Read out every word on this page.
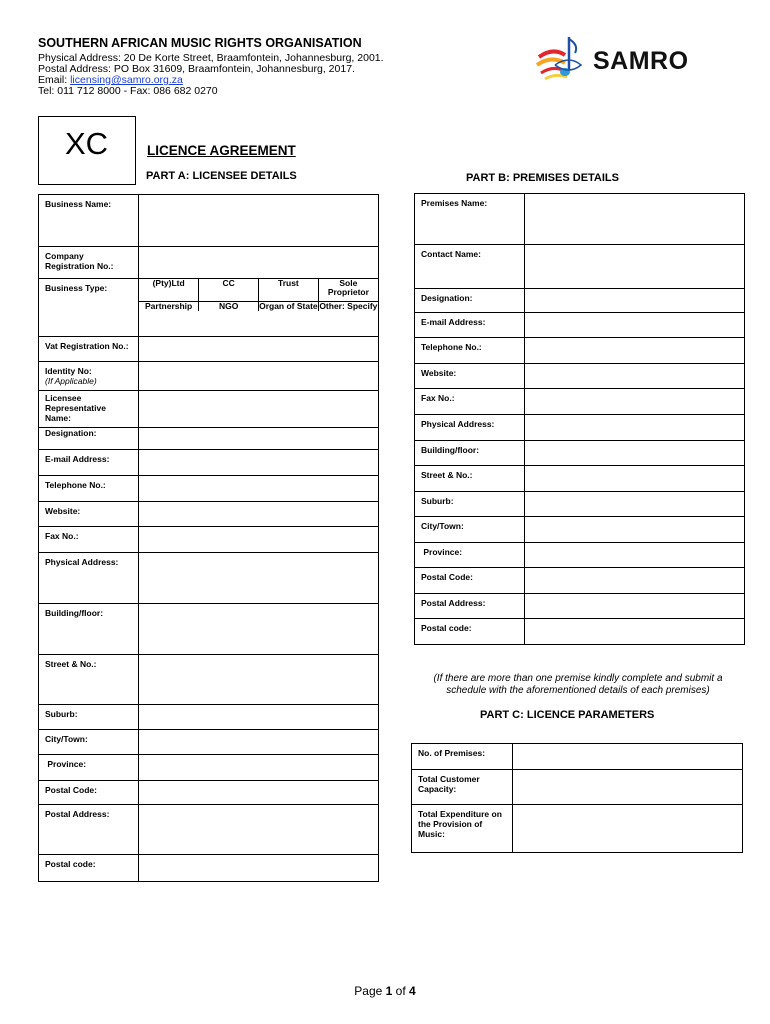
SOUTHERN AFRICAN MUSIC RIGHTS ORGANISATION
Physical Address: 20 De Korte Street, Braamfontein, Johannesburg, 2001.
Postal Address: PO Box 31609, Braamfontein, Johannesburg, 2017.
Email: licensing@samro.org.za
Tel: 011 712 8000 - Fax: 086 682 0270
SAMRO
XC	LICENCE AGREEMENT
PART A: LICENSEE DETAILS	PART B: PREMISES DETAILS
Business Name:	
Company Registration No.:	
Business Type:		(Pty)Ltd	CC	Trust	Sole Proprietor
Partnership	NGO	Organ of State	Other: Specify

Vat Registration No.:	
Identity No:
(If Applicable)	
Licensee Representative Name:	
Designation:	
E-mail Address:	
Telephone No.:	
Website:	
Fax No.:	
Physical Address:	
Building/floor:	
Street & No.:	
Suburb:	
City/Town:	
Province:	
Postal Code:	
Postal Address:	
Postal code:	
Premises Name:	
Contact Name:	
Designation:	
E-mail Address:	
Telephone No.:	
Website:	
Fax No.:	
Physical Address:	
Building/floor:	
Street & No.:	
Suburb:	
City/Town:	
Province:	
Postal Code:	
Postal Address:	
Postal code:	
(If there are more than one premise kindly complete and submit a schedule with the aforementioned details of each premises)
PART C: LICENCE PARAMETERS
No. of Premises:	
Total Customer Capacity:	
Total Expenditure on the Provision of Music:	
Page 1 of 4
